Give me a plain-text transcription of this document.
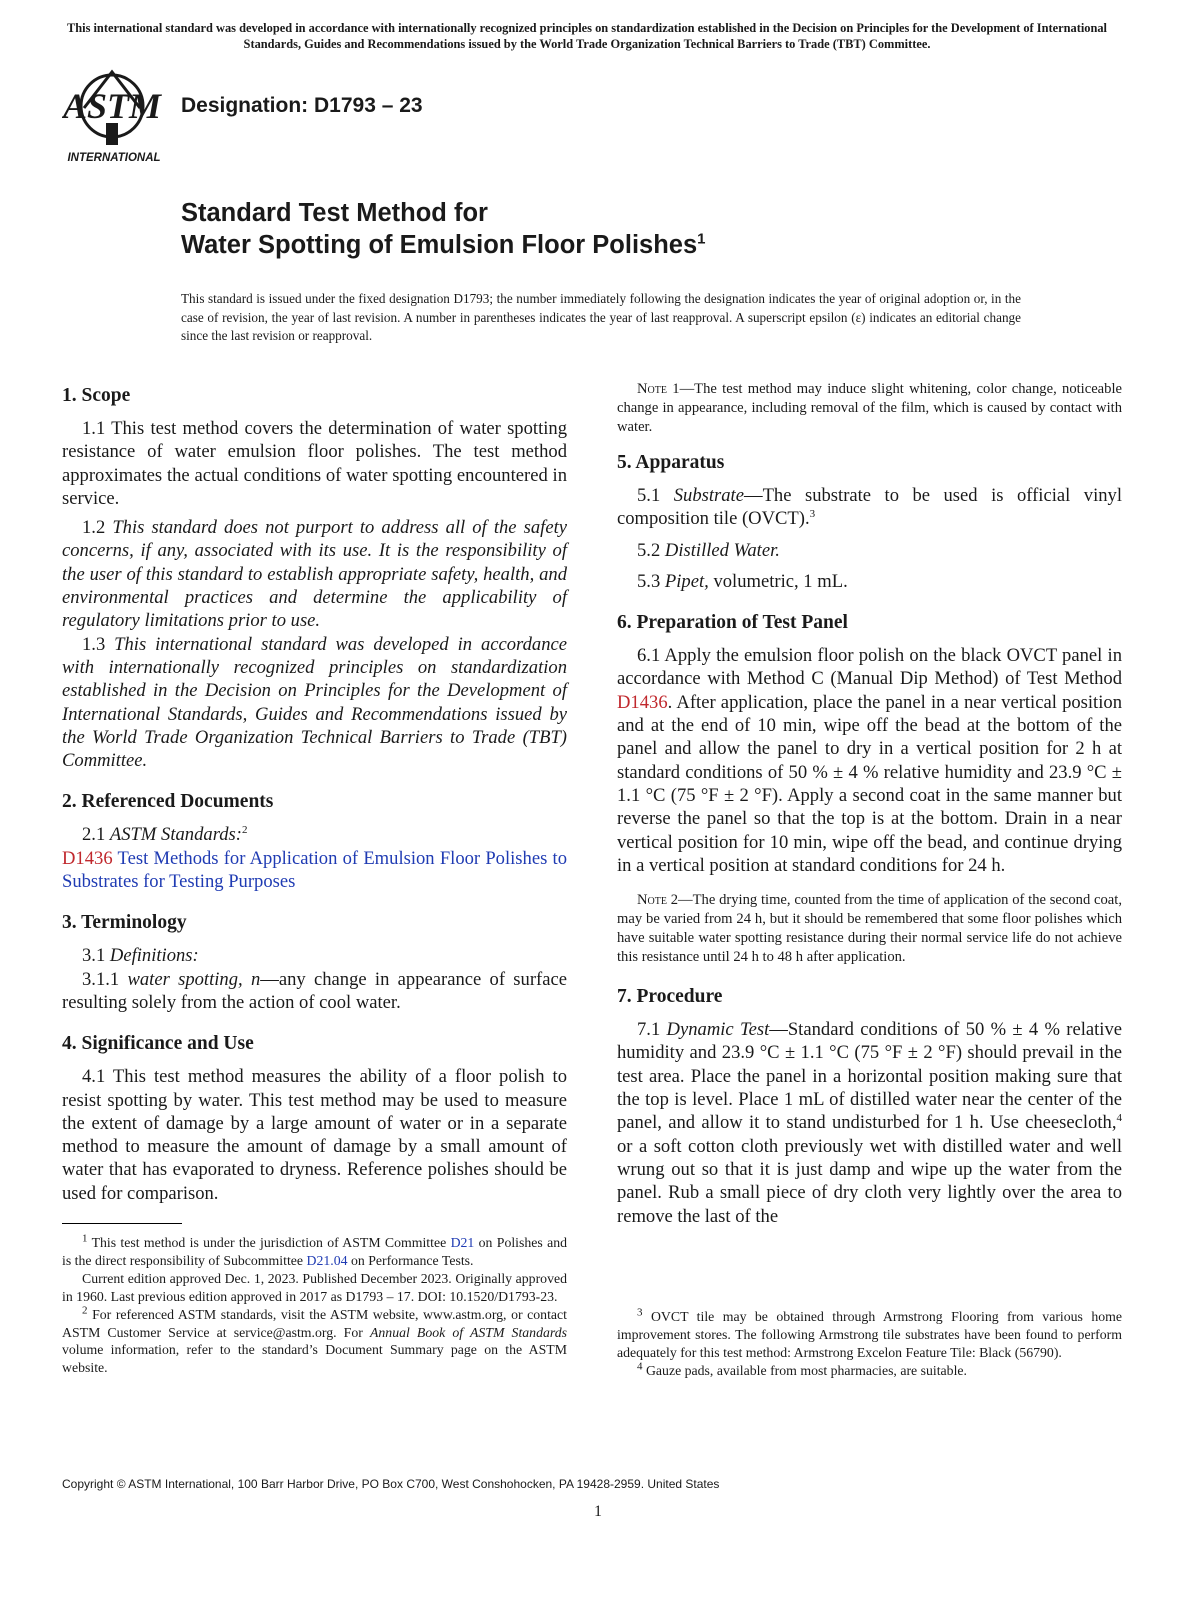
This international standard was developed in accordance with internationally recognized principles on standardization established in the Decision on Principles for the Development of International Standards, Guides and Recommendations issued by the World Trade Organization Technical Barriers to Trade (TBT) Committee.
ASTM
INTERNATIONAL
Designation: D1793 – 23
Standard Test Method for
Water Spotting of Emulsion Floor Polishes$^1$
This standard is issued under the fixed designation D1793; the number immediately following the designation indicates the year of original adoption or, in the case of revision, the year of last revision. A number in parentheses indicates the year of last reapproval. A superscript epsilon (ε) indicates an editorial change since the last revision or reapproval.
1. Scope

1.1 This test method covers the determination of water spotting resistance of water emulsion floor polishes. The test method approximates the actual conditions of water spotting encountered in service.

1.2 This standard does not purport to address all of the safety concerns, if any, associated with its use. It is the responsibility of the user of this standard to establish appropriate safety, health, and environmental practices and determine the applicability of regulatory limitations prior to use.

1.3 This international standard was developed in accordance with internationally recognized principles on standardization established in the Decision on Principles for the Development of International Standards, Guides and Recommendations issued by the World Trade Organization Technical Barriers to Trade (TBT) Committee.

2. Referenced Documents

2.1 ASTM Standards:$^2$

D1436 Test Methods for Application of Emulsion Floor Polishes to Substrates for Testing Purposes

3. Terminology

3.1 Definitions:

3.1.1 water spotting, n—any change in appearance of surface resulting solely from the action of cool water.

4. Significance and Use

4.1 This test method measures the ability of a floor polish to resist spotting by water. This test method may be used to measure the extent of damage by a large amount of water or in a separate method to measure the amount of damage by a small amount of water that has evaporated to dryness. Reference polishes should be used for comparison.

$^1$ This test method is under the jurisdiction of ASTM Committee D21 on Polishes and is the direct responsibility of Subcommittee D21.04 on Performance Tests.

Current edition approved Dec. 1, 2023. Published December 2023. Originally approved in 1960. Last previous edition approved in 2017 as D1793 – 17. DOI: 10.1520/D1793-23.

$^2$ For referenced ASTM standards, visit the ASTM website, www.astm.org, or contact ASTM Customer Service at service@astm.org. For Annual Book of ASTM Standards volume information, refer to the standard’s Document Summary page on the ASTM website.

Note 1—The test method may induce slight whitening, color change, noticeable change in appearance, including removal of the film, which is caused by contact with water.

5. Apparatus

5.1 Substrate—The substrate to be used is official vinyl composition tile (OVCT).$^3$

5.2 Distilled Water.

5.3 Pipet, volumetric, 1 mL.

6. Preparation of Test Panel

6.1 Apply the emulsion floor polish on the black OVCT panel in accordance with Method C (Manual Dip Method) of Test Method D1436. After application, place the panel in a near vertical position and at the end of 10 min, wipe off the bead at the bottom of the panel and allow the panel to dry in a vertical position for 2 h at standard conditions of 50 % ± 4 % relative humidity and 23.9 °C ± 1.1 °C (75 °F ± 2 °F). Apply a second coat in the same manner but reverse the panel so that the top is at the bottom. Drain in a near vertical position for 10 min, wipe off the bead, and continue drying in a vertical position at standard conditions for 24 h.

Note 2—The drying time, counted from the time of application of the second coat, may be varied from 24 h, but it should be remembered that some floor polishes which have suitable water spotting resistance during their normal service life do not achieve this resistance until 24 h to 48 h after application.

7. Procedure

7.1 Dynamic Test—Standard conditions of 50 % ± 4 % relative humidity and 23.9 °C ± 1.1 °C (75 °F ± 2 °F) should prevail in the test area. Place the panel in a horizontal position making sure that the top is level. Place 1 mL of distilled water near the center of the panel, and allow it to stand undisturbed for 1 h. Use cheesecloth,$^4$ or a soft cotton cloth previously wet with distilled water and well wrung out so that it is just damp and wipe up the water from the panel. Rub a small piece of dry cloth very lightly over the area to remove the last of the

$^3$ OVCT tile may be obtained through Armstrong Flooring from various home improvement stores. The following Armstrong tile substrates have been found to perform adequately for this test method: Armstrong Excelon Feature Tile: Black (56790).

$^4$ Gauze pads, available from most pharmacies, are suitable.

Copyright © ASTM International, 100 Barr Harbor Drive, PO Box C700, West Conshohocken, PA 19428-2959. United States
1
